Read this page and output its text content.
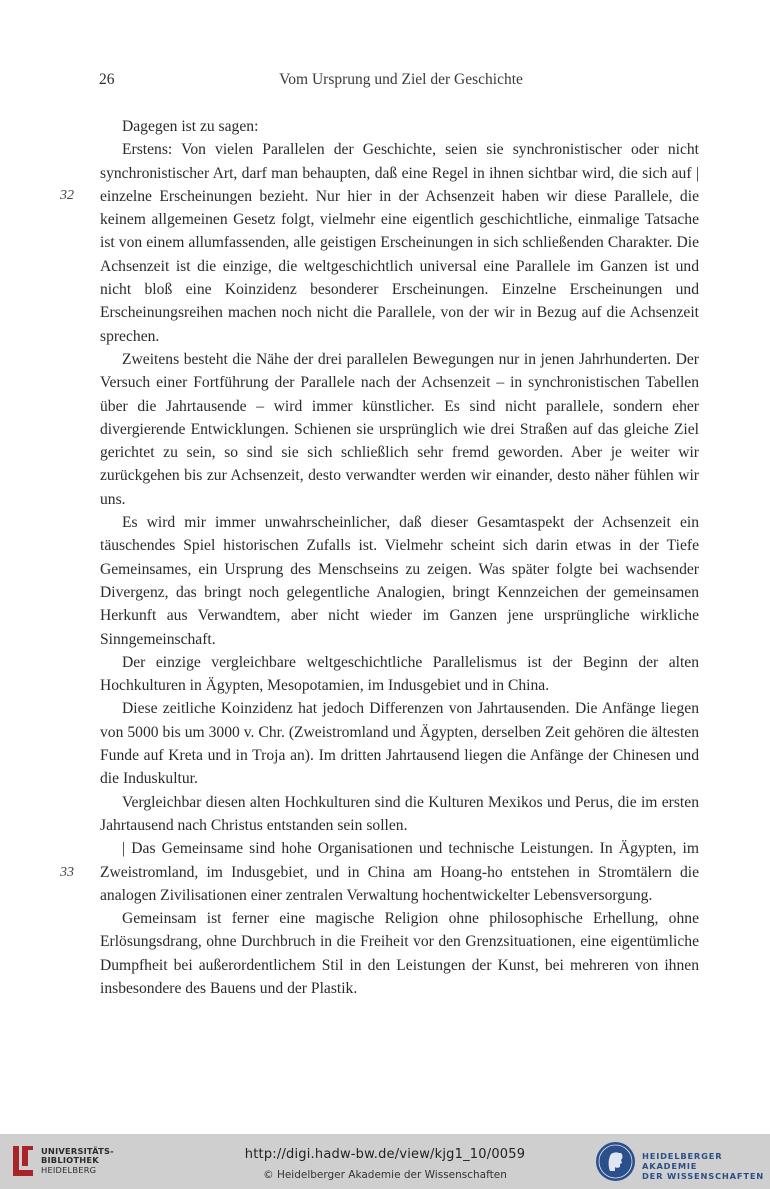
26	Vom Ursprung und Ziel der Geschichte
32
33

Dagegen ist zu sagen:

Erstens: Von vielen Parallelen der Geschichte, seien sie synchronistischer oder nicht synchronistischer Art, darf man behaupten, daß eine Regel in ihnen sichtbar wird, die sich auf | einzelne Erscheinungen bezieht. Nur hier in der Achsenzeit haben wir diese Parallele, die keinem allgemeinen Gesetz folgt, vielmehr eine eigentlich geschichtliche, einmalige Tatsache ist von einem allumfassenden, alle geistigen Erscheinungen in sich schließenden Charakter. Die Achsenzeit ist die einzige, die weltgeschichtlich universal eine Parallele im Ganzen ist und nicht bloß eine Koinzidenz besonderer Erscheinungen. Einzelne Erscheinungen und Erscheinungsreihen machen noch nicht die Parallele, von der wir in Bezug auf die Achsenzeit sprechen.

Zweitens besteht die Nähe der drei parallelen Bewegungen nur in jenen Jahrhunderten. Der Versuch einer Fortführung der Parallele nach der Achsenzeit – in synchronistischen Tabellen über die Jahrtausende – wird immer künstlicher. Es sind nicht parallele, sondern eher divergierende Entwicklungen. Schienen sie ursprünglich wie drei Straßen auf das gleiche Ziel gerichtet zu sein, so sind sie sich schließlich sehr fremd geworden. Aber je weiter wir zurückgehen bis zur Achsenzeit, desto verwandter werden wir einander, desto näher fühlen wir uns.

Es wird mir immer unwahrscheinlicher, daß dieser Gesamtaspekt der Achsenzeit ein täuschendes Spiel historischen Zufalls ist. Vielmehr scheint sich darin etwas in der Tiefe Gemeinsames, ein Ursprung des Menschseins zu zeigen. Was später folgte bei wachsender Divergenz, das bringt noch gelegentliche Analogien, bringt Kennzeichen der gemeinsamen Herkunft aus Verwandtem, aber nicht wieder im Ganzen jene ursprüngliche wirkliche Sinngemeinschaft.

Der einzige vergleichbare weltgeschichtliche Parallelismus ist der Beginn der alten Hochkulturen in Ägypten, Mesopotamien, im Indusgebiet und in China.

Diese zeitliche Koinzidenz hat jedoch Differenzen von Jahrtausenden. Die Anfänge liegen von 5000 bis um 3000 v. Chr. (Zweistromland und Ägypten, derselben Zeit gehören die ältesten Funde auf Kreta und in Troja an). Im dritten Jahrtausend liegen die Anfänge der Chinesen und die Induskultur.

Vergleichbar diesen alten Hochkulturen sind die Kulturen Mexikos und Perus, die im ersten Jahrtausend nach Christus entstanden sein sollen.

| Das Gemeinsame sind hohe Organisationen und technische Leistungen. In Ägypten, im Zweistromland, im Indusgebiet, und in China am Hoang-ho entstehen in Stromtälern die analogen Zivilisationen einer zentralen Verwaltung hochentwickelter Lebensversorgung.

Gemeinsam ist ferner eine magische Religion ohne philosophische Erhellung, ohne Erlösungsdrang, ohne Durchbruch in die Freiheit vor den Grenzsituationen, eine eigentümliche Dumpfheit bei außerordentlichem Stil in den Leistungen der Kunst, bei mehreren von ihnen insbesondere des Bauens und der Plastik.

UNIVERSITÄTS-
BIBLIOTHEK
HEIDELBERG
http://digi.hadw-bw.de/view/kjg1_10/0059
© Heidelberger Akademie der Wissenschaften
HEIDELBERGER AKADEMIE
DER WISSENSCHAFTEN
